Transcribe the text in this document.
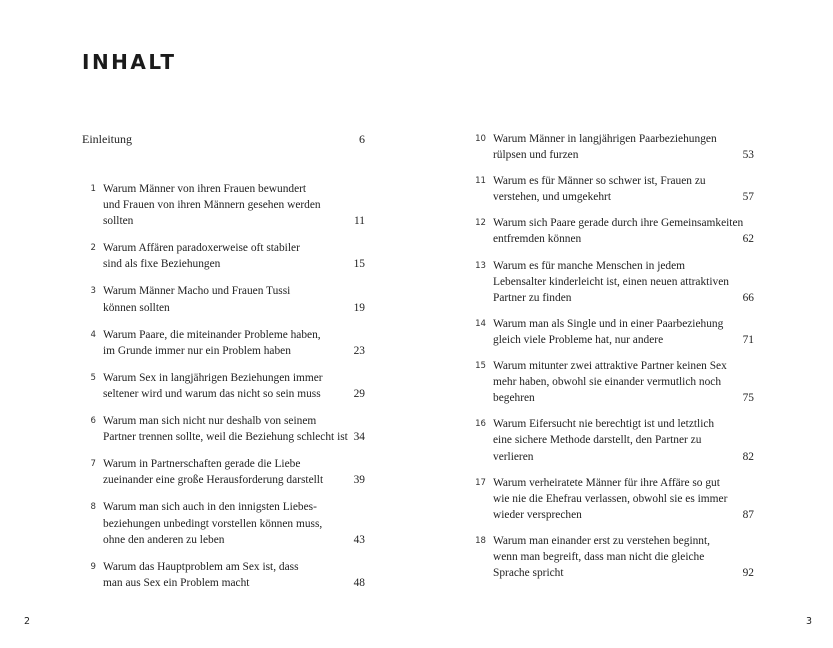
INHALT
Einleitung	6
1 Warum Männer von ihren Frauen bewundert
und Frauen von ihren Männern gesehen werden
sollten	11
2 Warum Affären paradoxerweise oft stabiler
sind als fixe Beziehungen	15
3 Warum Männer Macho und Frauen Tussi
können sollten	19
4 Warum Paare, die miteinander Probleme haben,
im Grunde immer nur ein Problem haben	23
5 Warum Sex in langjährigen Beziehungen immer
seltener wird und warum das nicht so sein muss	29
6 Warum man sich nicht nur deshalb von seinem
Partner trennen sollte, weil die Beziehung schlecht ist 34
7 Warum in Partnerschaften gerade die Liebe
zueinander eine große Herausforderung darstellt	39
8 Warum man sich auch in den innigsten Liebes-
beziehungen unbedingt vorstellen können muss,
ohne den anderen zu leben	43
9 Warum das Hauptproblem am Sex ist, dass
man aus Sex ein Problem macht	48
10 Warum Männer in langjährigen Paarbeziehungen
rülpsen und furzen	53
11 Warum es für Männer so schwer ist, Frauen zu
verstehen, und umgekehrt	57
12 Warum sich Paare gerade durch ihre Gemeinsamkeiten
entfremden können	62
13 Warum es für manche Menschen in jedem
Lebensalter kinderleicht ist, einen neuen attraktiven
Partner zu finden	66
14 Warum man als Single und in einer Paarbeziehung
gleich viele Probleme hat, nur andere	71
15 Warum mitunter zwei attraktive Partner keinen Sex
mehr haben, obwohl sie einander vermutlich noch
begehren	75
16 Warum Eifersucht nie berechtigt ist und letztlich
eine sichere Methode darstellt, den Partner zu
verlieren	82
17 Warum verheiratete Männer für ihre Affäre so gut
wie nie die Ehefrau verlassen, obwohl sie es immer
wieder versprechen	87
18 Warum man einander erst zu verstehen beginnt,
wenn man begreift, dass man nicht die gleiche
Sprache spricht	92
2	3
